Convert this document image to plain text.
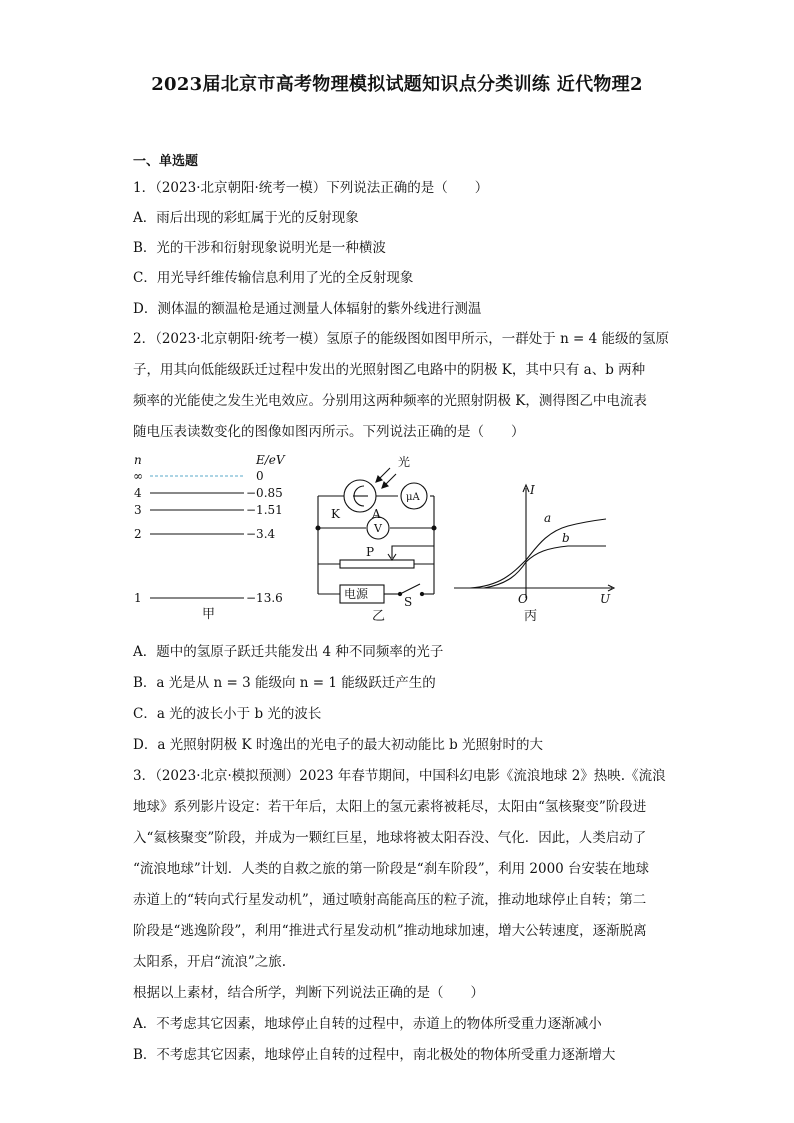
2023届北京市高考物理模拟试题知识点分类训练 近代物理2
一、单选题
1．（2023·北京朝阳·统考一模）下列说法正确的是（　　）
A．雨后出现的彩虹属于光的反射现象
B．光的干涉和衍射现象说明光是一种横波
C．用光导纤维传输信息利用了光的全反射现象
D．测体温的额温枪是通过测量人体辐射的紫外线进行测温
2．（2023·北京朝阳·统考一模）氢原子的能级图如图甲所示，一群处于 n = 4 能级的氢原
子，用其向低能级跃迁过程中发出的光照射图乙电路中的阴极 K，其中只有 a、b 两种
频率的光能使之发生光电效应。分别用这两种频率的光照射阴极 K，测得图乙中电流表
随电压表读数变化的图像如图丙所示。下列说法正确的是（　　）
n	E/eV
∞	0
4	−0.85
3	−1.51
2	−3.4
1	−13.6
甲
光
μA
V
K	A
P
电源
S
乙
I
U
O
a
b
丙
A．题中的氢原子跃迁共能发出 4 种不同频率的光子
B．a 光是从 n = 3 能级向 n = 1 能级跃迁产生的
C．a 光的波长小于 b 光的波长
D．a 光照射阴极 K 时逸出的光电子的最大初动能比 b 光照射时的大
3．（2023·北京·模拟预测）2023 年春节期间，中国科幻电影《流浪地球 2》热映.《流浪
地球》系列影片设定：若干年后，太阳上的氢元素将被耗尽，太阳由“氢核聚变”阶段进
入“氦核聚变”阶段，并成为一颗红巨星，地球将被太阳吞没、气化．因此，人类启动了
“流浪地球”计划．人类的自救之旅的第一阶段是“刹车阶段”，利用 2000 台安装在地球
赤道上的“转向式行星发动机”，通过喷射高能高压的粒子流，推动地球停止自转；第二
阶段是“逃逸阶段”，利用“推进式行星发动机”推动地球加速，增大公转速度，逐渐脱离
太阳系，开启“流浪”之旅.
根据以上素材，结合所学，判断下列说法正确的是（　　）
A．不考虑其它因素，地球停止自转的过程中，赤道上的物体所受重力逐渐减小
B．不考虑其它因素，地球停止自转的过程中，南北极处的物体所受重力逐渐增大
